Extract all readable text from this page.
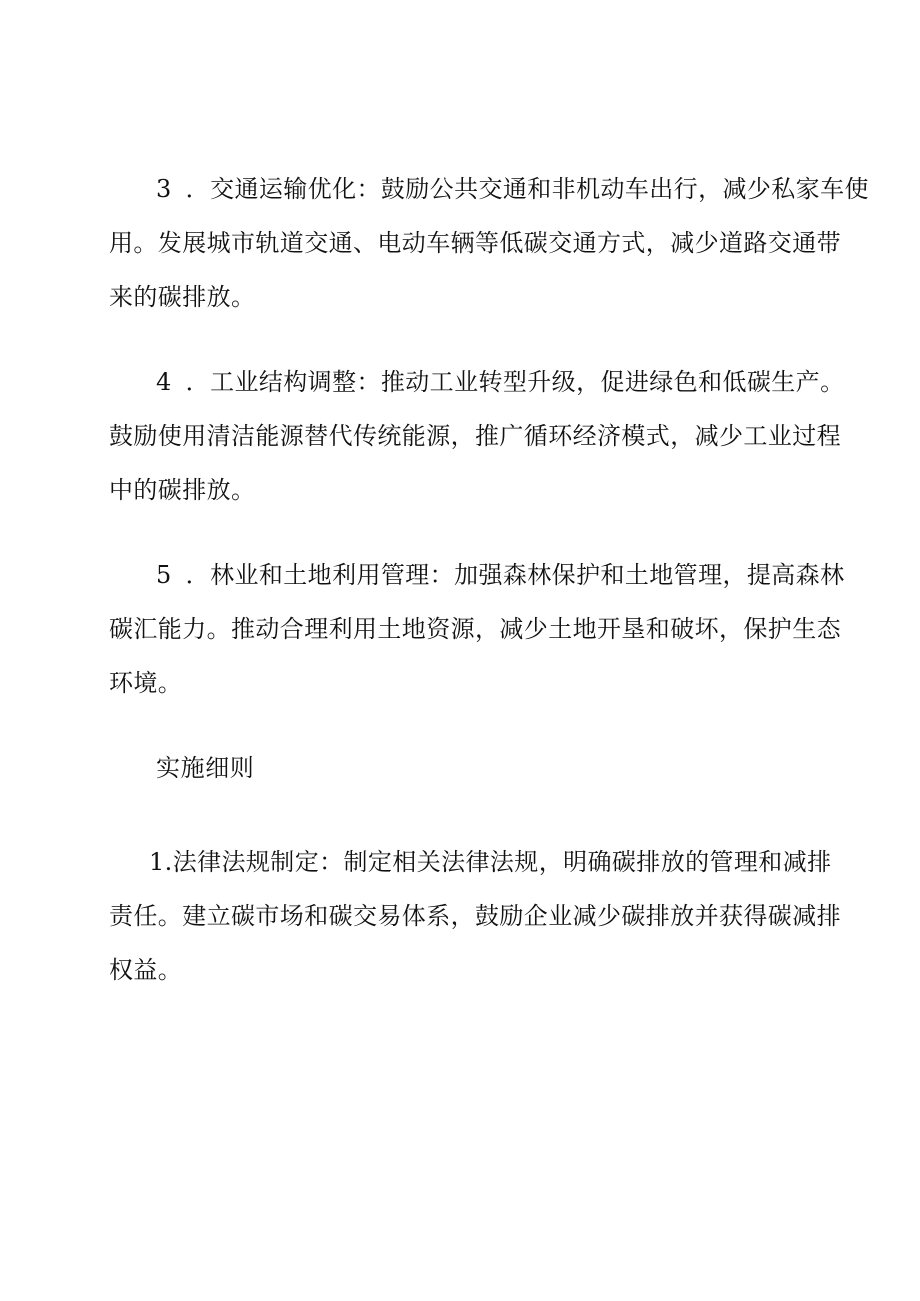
3 ．交通运输优化：鼓励公共交通和非机动车出行，减少私家车使
用。发展城市轨道交通、电动车辆等低碳交通方式，减少道路交通带
来的碳排放。
4 ．工业结构调整：推动工业转型升级，促进绿色和低碳生产。
鼓励使用清洁能源替代传统能源，推广循环经济模式，减少工业过程
中的碳排放。
5 ．林业和土地利用管理：加强森林保护和土地管理，提高森林
碳汇能力。推动合理利用土地资源，减少土地开垦和破坏，保护生态
环境。
实施细则
1.法律法规制定：制定相关法律法规，明确碳排放的管理和减排
责任。建立碳市场和碳交易体系，鼓励企业减少碳排放并获得碳减排
权益。
